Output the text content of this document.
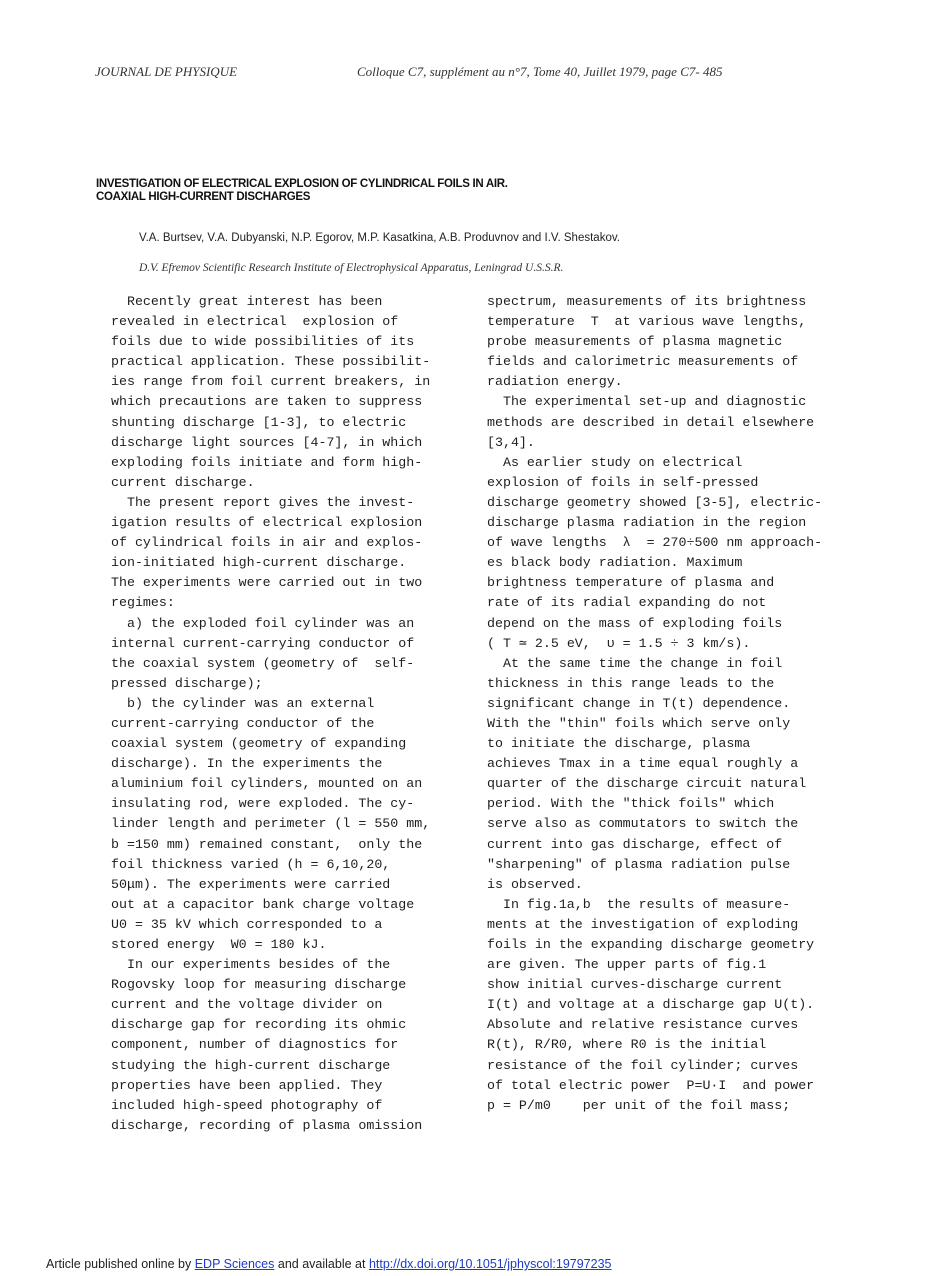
JOURNAL DE PHYSIQUE	Colloque C7, supplément au n°7, Tome 40, Juillet 1979, page C7- 485
INVESTIGATION OF ELECTRICAL EXPLOSION OF CYLINDRICAL FOILS IN AIR.
COAXIAL HIGH-CURRENT DISCHARGES
V.A. Burtsev, V.A. Dubyanski, N.P. Egorov, M.P. Kasatkina, A.B. Produvnov and I.V. Shestakov.
D.V. Efremov Scientific Research Institute of Electrophysical Apparatus, Leningrad U.S.S.R.

Recently great interest has been

revealed in electrical  explosion of

foils due to wide possibilities of its

practical application. These possibilit-

ies range from foil current breakers, in

which precautions are taken to suppress

shunting discharge [1-3], to electric

discharge light sources [4-7], in which

exploding foils initiate and form high-

current discharge.

The present report gives the invest-

igation results of electrical explosion

of cylindrical foils in air and explos-

ion-initiated high-current discharge.

The experiments were carried out in two

regimes:

a) the exploded foil cylinder was an

internal current-carrying conductor of

the coaxial system (geometry of  self-

pressed discharge);

b) the cylinder was an external

current-carrying conductor of the

coaxial system (geometry of expanding

discharge). In the experiments the

aluminium foil cylinders, mounted on an

insulating rod, were exploded. The cy-

linder length and perimeter (l = 550 mm,

b =150 mm) remained constant,  only the

foil thickness varied (h = 6,10,20,

50μm). The experiments were carried

out at a capacitor bank charge voltage

U0 = 35 kV which corresponded to a

stored energy  W0 = 180 kJ.

In our experiments besides of the

Rogovsky loop for measuring discharge

current and the voltage divider on

discharge gap for recording its ohmic

component, number of diagnostics for

studying the high-current discharge

properties have been applied. They

included high-speed photography of

discharge, recording of plasma omission

spectrum, measurements of its brightness

temperature  T  at various wave lengths,

probe measurements of plasma magnetic

fields and calorimetric measurements of

radiation energy.

The experimental set-up and diagnostic

methods are described in detail elsewhere

[3,4].

As earlier study on electrical

explosion of foils in self-pressed

discharge geometry showed [3-5], electric-

discharge plasma radiation in the region

of wave lengths  λ  = 270÷500 nm approach-

es black body radiation. Maximum

brightness temperature of plasma and

rate of its radial expanding do not

depend on the mass of exploding foils

( T ≃ 2.5 eV,  υ = 1.5 ÷ 3 km/s).

At the same time the change in foil

thickness in this range leads to the

significant change in T(t) dependence.

With the "thin" foils which serve only

to initiate the discharge, plasma

achieves Tmax in a time equal roughly a

quarter of the discharge circuit natural

period. With the "thick foils" which

serve also as commutators to switch the

current into gas discharge, effect of

"sharpening" of plasma radiation pulse

is observed.

In fig.1a,b  the results of measure-

ments at the investigation of exploding

foils in the expanding discharge geometry

are given. The upper parts of fig.1

show initial curves-discharge current

I(t) and voltage at a discharge gap U(t).

Absolute and relative resistance curves

R(t), R/R0, where R0 is the initial

resistance of the foil cylinder; curves

of total electric power  P=U·I  and power

p = P/m0    per unit of the foil mass;

Article published online by EDP Sciences and available at http://dx.doi.org/10.1051/jphyscol:19797235
